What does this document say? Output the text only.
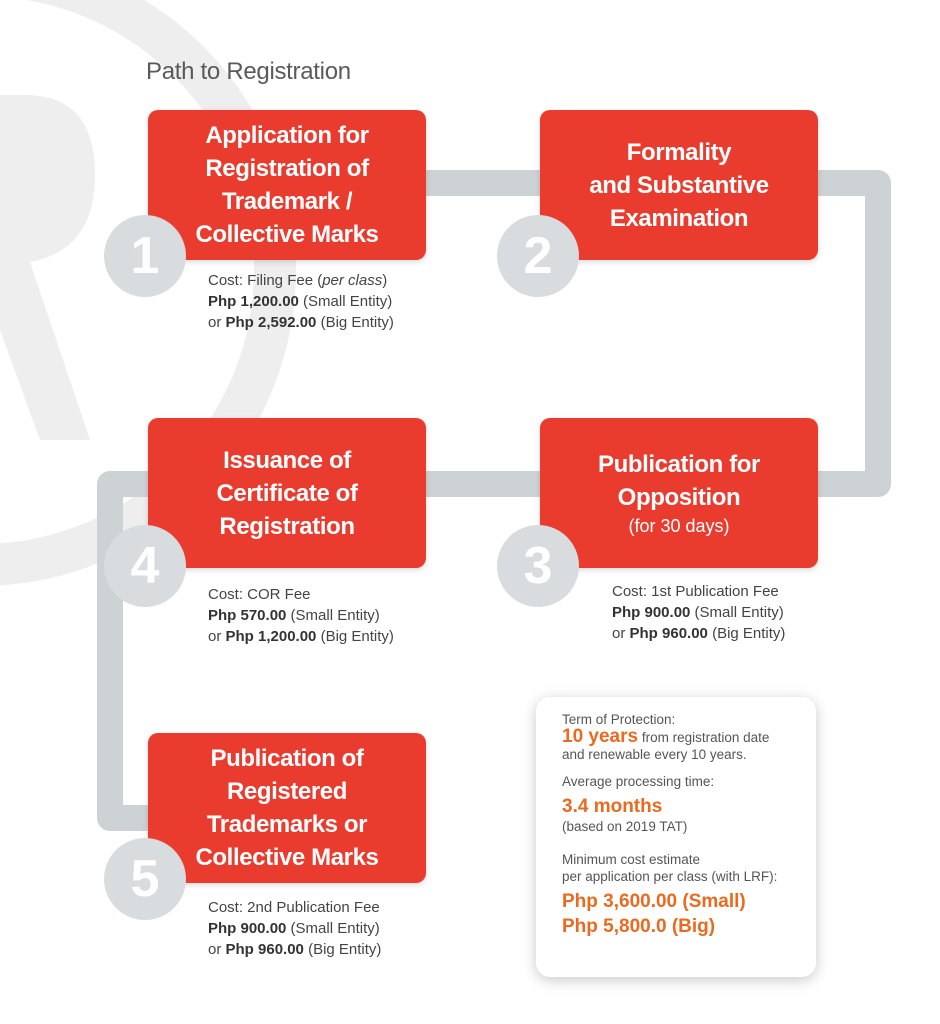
Path to Registration
Application for
Registration of
Trademark /
Collective Marks
1	Cost: Filing Fee (per class)
Php 1,200.00 (Small Entity)
or Php 2,592.00 (Big Entity)
Formality
and Substantive
Examination
2
Issuance of
Certificate of
Registration
4	Cost: COR Fee
Php 570.00 (Small Entity)
or Php 1,200.00 (Big Entity)
Publication for
Opposition
(for 30 days)
3	Cost: 1st Publication Fee
Php 900.00 (Small Entity)
or Php 960.00 (Big Entity)
Publication of
Registered
Trademarks or
Collective Marks
5	Cost: 2nd Publication Fee
Php 900.00 (Small Entity)
or Php 960.00 (Big Entity)
Term of Protection:
10 years from registration date
and renewable every 10 years.
Average processing time:
3.4 months
(based on 2019 TAT)
Minimum cost estimate
per application per class (with LRF):
Php 3,600.00 (Small)
Php 5,800.0 (Big)
